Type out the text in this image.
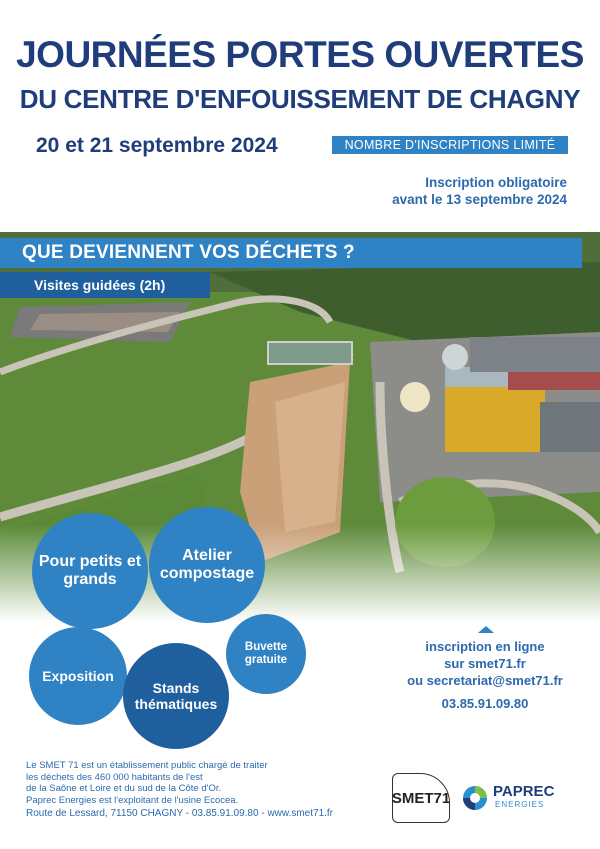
JOURNÉES PORTES OUVERTES
DU CENTRE D'ENFOUISSEMENT DE CHAGNY
20 et 21 septembre 2024	NOMBRE D'INSCRIPTIONS LIMITÉ
Inscription obligatoire
avant le 13 septembre 2024
QUE DEVIENNENT VOS DÉCHETS ?
Visites guidées (2h)
Pour petits et grands
Atelier compostage
Buvette gratuite
Exposition
Stands thématiques
inscription en ligne
sur smet71.fr
ou secretariat@smet71.fr
03.85.91.09.80
Le SMET 71 est un établissement public chargé de traiter
les déchets des 460 000 habitants de l'est
de la Saône et Loire et du sud de la Côte d'Or.
Paprec Energies est l'exploitant de l'usine Ecocea.
Route de Lessard, 71150 CHAGNY - 03.85.91.09.80 - www.smet71.fr
SMET71	PAPREC
ENERGIES
